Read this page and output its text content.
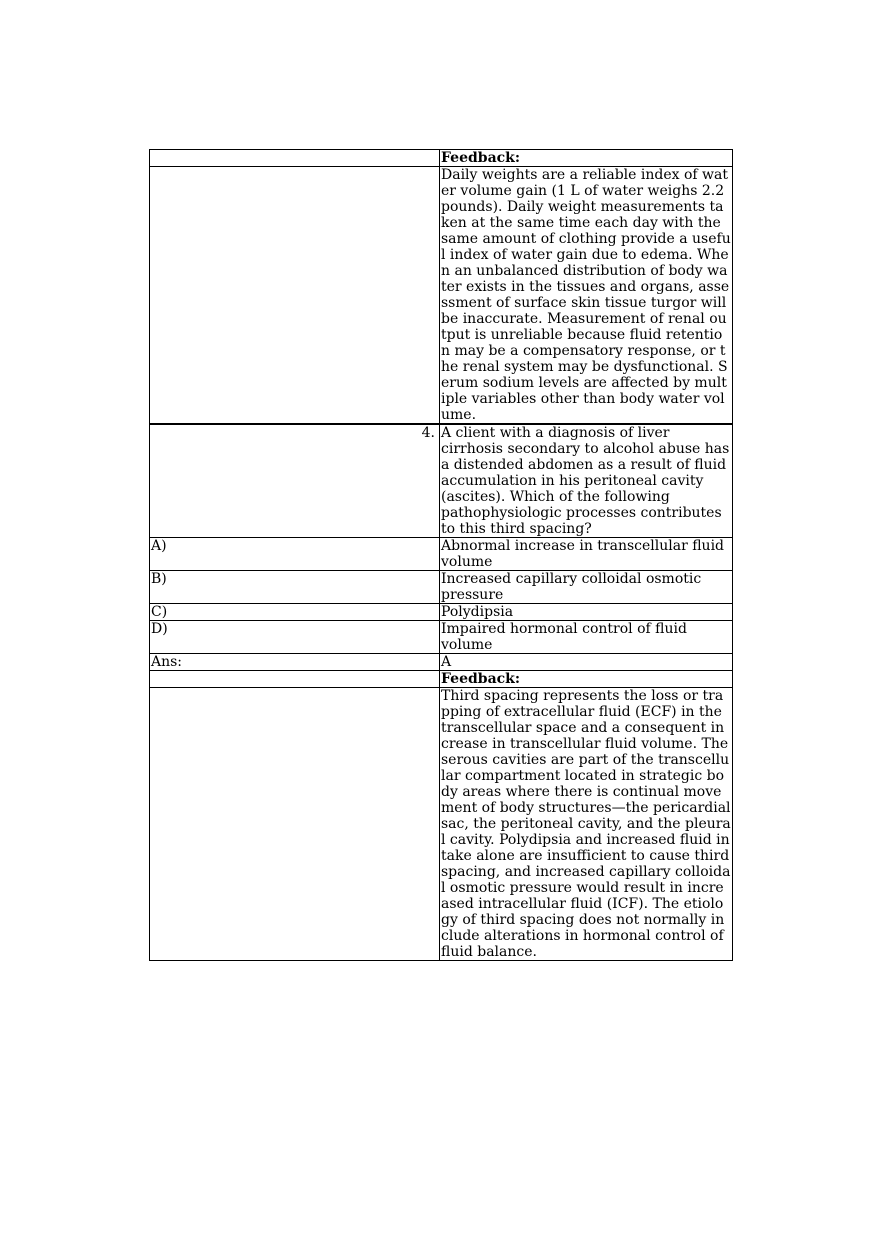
	Feedback:
	Daily weights are a reliable index of water volume gain (1 L of water weighs 2.2 pounds). Daily weight measurements taken at the same time each day with the same amount of clothing provide a useful index of water gain due to edema. When an unbalanced distribution of body water exists in the tissues and organs, assessment of surface skin tissue turgor will be inaccurate. Measurement of renal output is unreliable because fluid retention may be a compensatory response, or the renal system may be dysfunctional. Serum sodium levels are affected by multiple variables other than body water volume.
4.	A client with a diagnosis of liver cirrhosis secondary to alcohol abuse has a distended abdomen as a result of fluid accumulation in his peritoneal cavity (ascites). Which of the following pathophysiologic processes contributes to this third spacing?
A)	Abnormal increase in transcellular fluid volume
B)	Increased capillary colloidal osmotic pressure
C)	Polydipsia
D)	Impaired hormonal control of fluid volume
Ans:	A
	Feedback:
	Third spacing represents the loss or trapping of extracellular fluid (ECF) in the transcellular space and a consequent increase in transcellular fluid volume. The serous cavities are part of the transcellular compartment located in strategic body areas where there is continual movement of body structures—the pericardial sac, the peritoneal cavity, and the pleural cavity. Polydipsia and increased fluid intake alone are insufficient to cause third spacing, and increased capillary colloidal osmotic pressure would result in increased intracellular fluid (ICF). The etiology of third spacing does not normally include alterations in hormonal control of fluid balance.
